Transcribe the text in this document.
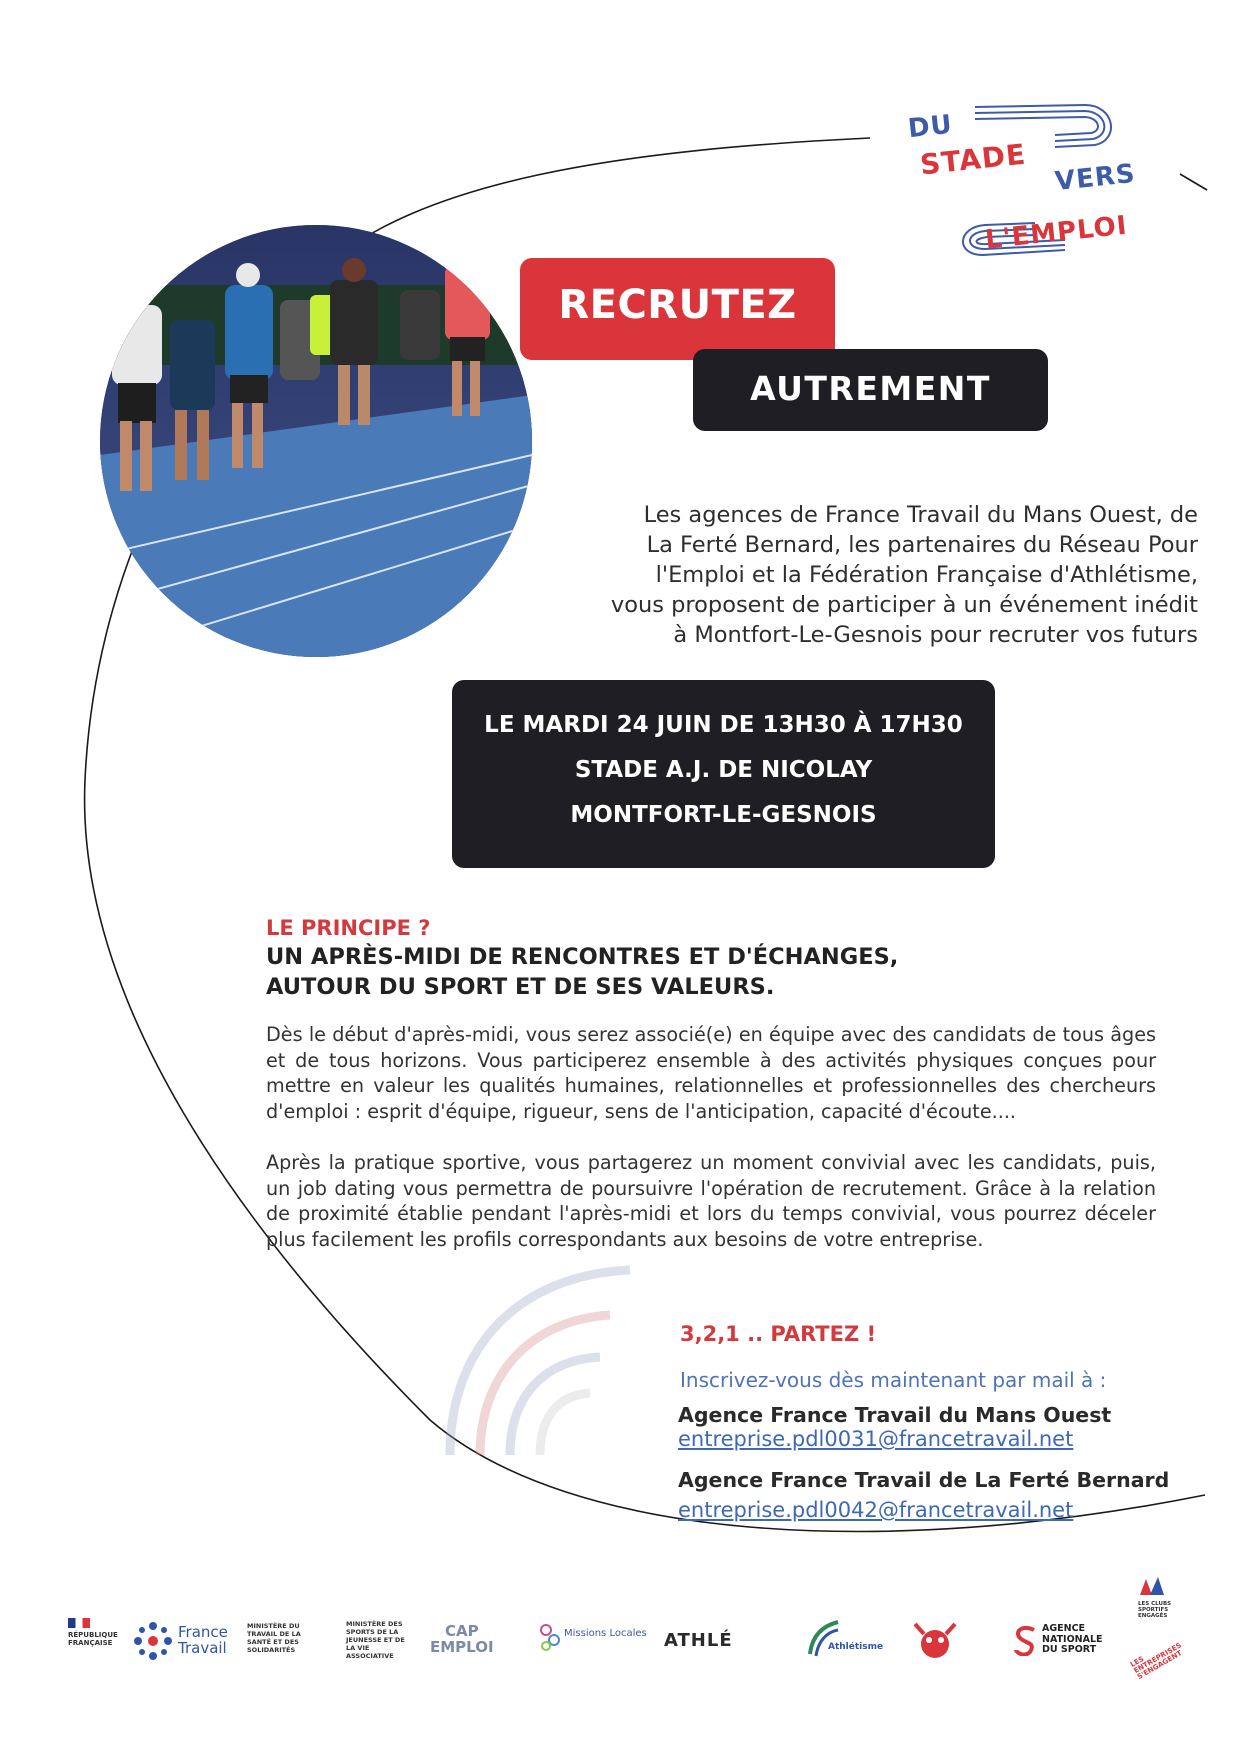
DU
STADE VERS
L'EMPLOI
RECRUTEZ
AUTREMENT

Les agences de France Travail du Mans Ouest, de

La Ferté Bernard, les partenaires du Réseau Pour

l'Emploi et la Fédération Française d'Athlétisme,

vous proposent de participer à un événement inédit

à Montfort-Le-Gesnois pour recruter vos futurs

LE MARDI 24 JUIN DE 13H30 À 17H30
STADE A.J. DE NICOLAY
MONTFORT-LE-GESNOIS
LE PRINCIPE ?
UN APRÈS-MIDI DE RENCONTRES ET D'ÉCHANGES,
AUTOUR DU SPORT ET DE SES VALEURS.
Dès le début d'après-midi, vous serez associé(e) en équipe avec des candidats de tous âges et de tous horizons. Vous participerez ensemble à des activités physiques conçues pour mettre en valeur les qualités humaines, relationnelles et professionnelles des chercheurs d'emploi : esprit d'équipe, rigueur, sens de l'anticipation, capacité d'écoute....
Après la pratique sportive, vous partagerez un moment convivial avec les candidats, puis, un job dating vous permettra de poursuivre l'opération de recrutement. Grâce à la relation de proximité établie pendant l'après-midi et lors du temps convivial, vous pourrez déceler plus facilement les profils correspondants aux besoins de votre entreprise.
3,2,1 .. PARTEZ !
Inscrivez-vous dès maintenant par mail à :
Agence France Travail du Mans Ouest
entreprise.pdl0031@francetravail.net
Agence France Travail de La Ferté Bernard
entreprise.pdl0042@francetravail.net
RÉPUBLIQUE FRANÇAISE
France
Travail
MINISTÈRE DU TRAVAIL DE LA SANTÉ ET DES SOLIDARITÉS
MINISTÈRE DES SPORTS DE LA JEUNESSE ET DE LA VIE ASSOCIATIVE
CAP
EMPLOI
Missions Locales ATHLÉ	Athlétisme
AGENCE
NATIONALE
DU SPORT
LES CLUBS SPORTIFS ENGAGÉS
LES ENTREPRISES S'ENGAGENT
